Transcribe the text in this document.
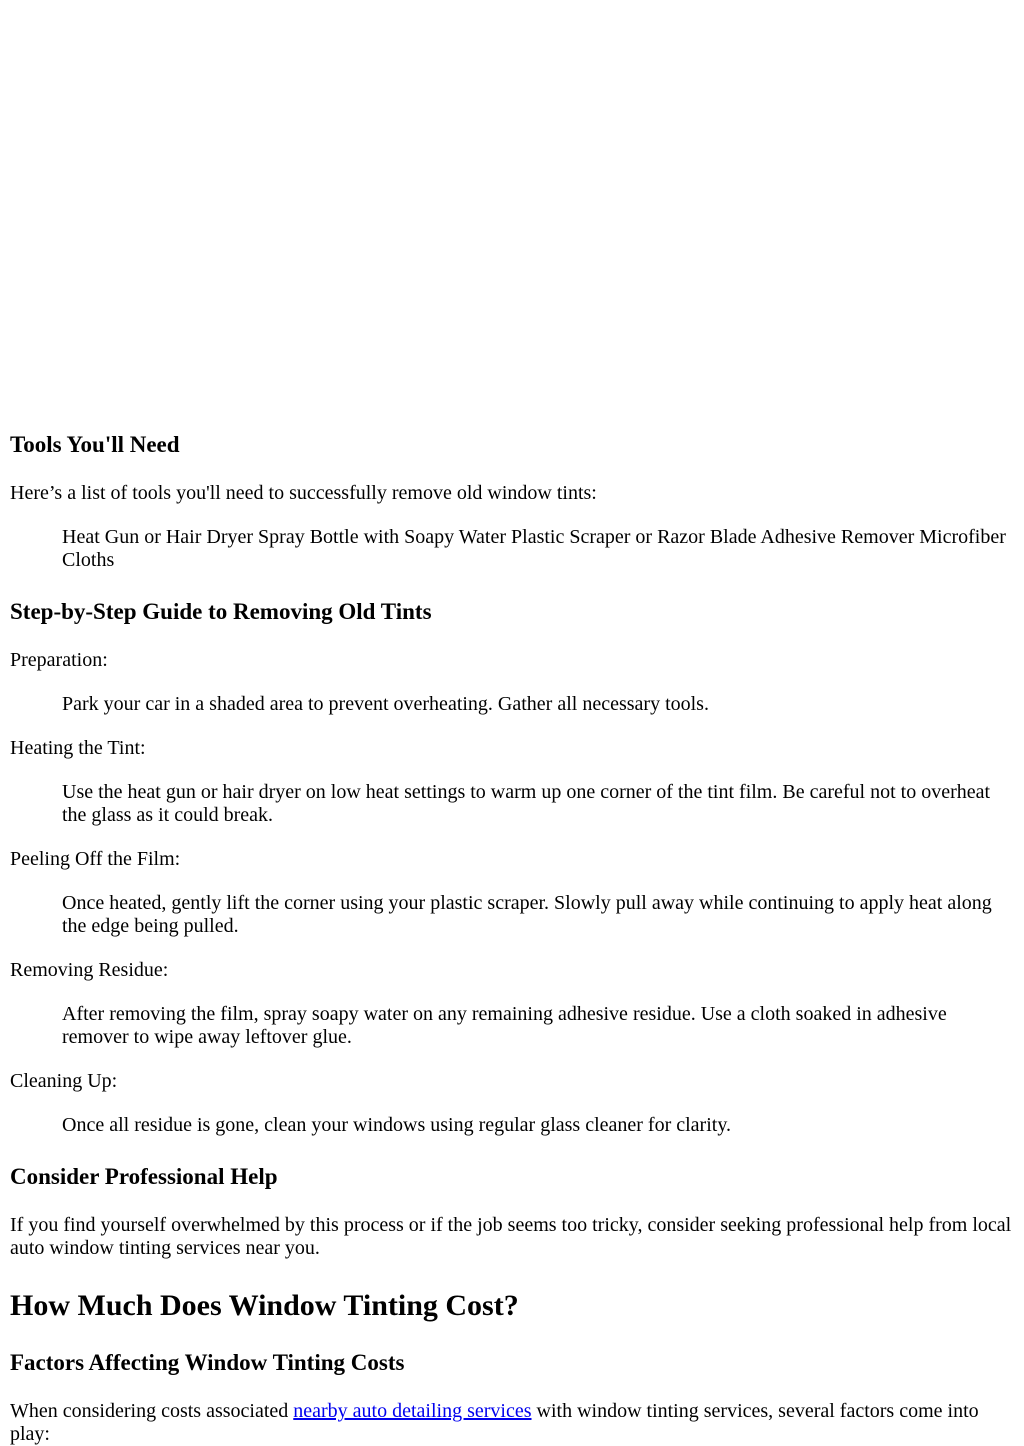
Tools You'll Need

Here’s a list of tools you'll need to successfully remove old window tints:

Heat Gun or Hair Dryer Spray Bottle with Soapy Water Plastic Scraper or Razor Blade Adhesive Remover Microfiber Cloths

Step-by-Step Guide to Removing Old Tints

Preparation:

Park your car in a shaded area to prevent overheating. Gather all necessary tools.

Heating the Tint:

Use the heat gun or hair dryer on low heat settings to warm up one corner of the tint film. Be careful not to overheat the glass as it could break.

Peeling Off the Film:

Once heated, gently lift the corner using your plastic scraper. Slowly pull away while continuing to apply heat along the edge being pulled.

Removing Residue:

After removing the film, spray soapy water on any remaining adhesive residue. Use a cloth soaked in adhesive remover to wipe away leftover glue.

Cleaning Up:

Once all residue is gone, clean your windows using regular glass cleaner for clarity.

Consider Professional Help

If you find yourself overwhelmed by this process or if the job seems too tricky, consider seeking professional help from local auto window tinting services near you.

How Much Does Window Tinting Cost?
Factors Affecting Window Tinting Costs

When considering costs associated nearby auto detailing services with window tinting services, several factors come into play:
